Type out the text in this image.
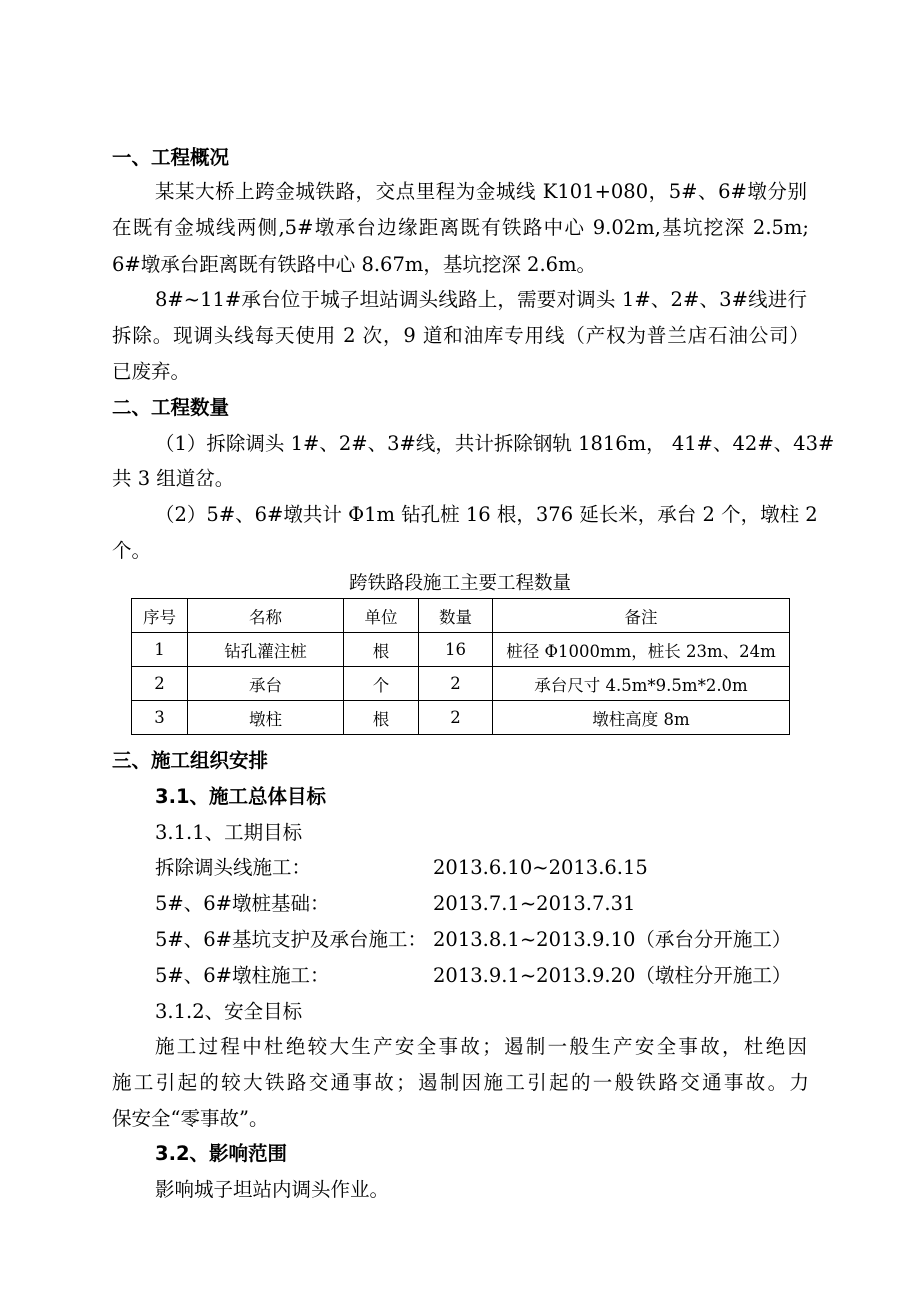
一、工程概况
某某大桥上跨金城铁路，交点里程为金城线 K101+080，5#、6#墩分别
在既有金城线两侧,5#墩承台边缘距离既有铁路中心 9.02m,基坑挖深 2.5m;
6#墩承台距离既有铁路中心 8.67m，基坑挖深 2.6m。
8#~11#承台位于城子坦站调头线路上，需要对调头 1#、2#、3#线进行
拆除。现调头线每天使用 2 次，9 道和油库专用线（产权为普兰店石油公司）
已废弃。
二、工程数量
（1）拆除调头 1#、2#、3#线，共计拆除钢轨 1816m， 41#、42#、43#
共 3 组道岔。
（2）5#、6#墩共计 Φ1m 钻孔桩 16 根，376 延长米，承台 2 个，墩柱 2
个。
跨铁路段施工主要工程数量
序号	名称	单位	数量	备注
1	钻孔灌注桩	根	16	桩径 Φ1000mm，桩长 23m、24m
2	承台	个	2	承台尺寸 4.5m*9.5m*2.0m
3	墩柱	根	2	墩柱高度 8m
三、施工组织安排
3.1、施工总体目标
3.1.1、工期目标
拆除调头线施工：	2013.6.10~2013.6.15
5#、6#墩桩基础：	2013.7.1~2013.7.31
5#、6#基坑支护及承台施工： 2013.8.1~2013.9.10（承台分开施工）
5#、6#墩柱施工：	2013.9.1~2013.9.20（墩柱分开施工）
3.1.2、安全目标
施工过程中杜绝较大生产安全事故；遏制一般生产安全事故，杜绝因
施工引起的较大铁路交通事故；遏制因施工引起的一般铁路交通事故。力
保安全“零事故”。
3.2、影响范围
影响城子坦站内调头作业。
